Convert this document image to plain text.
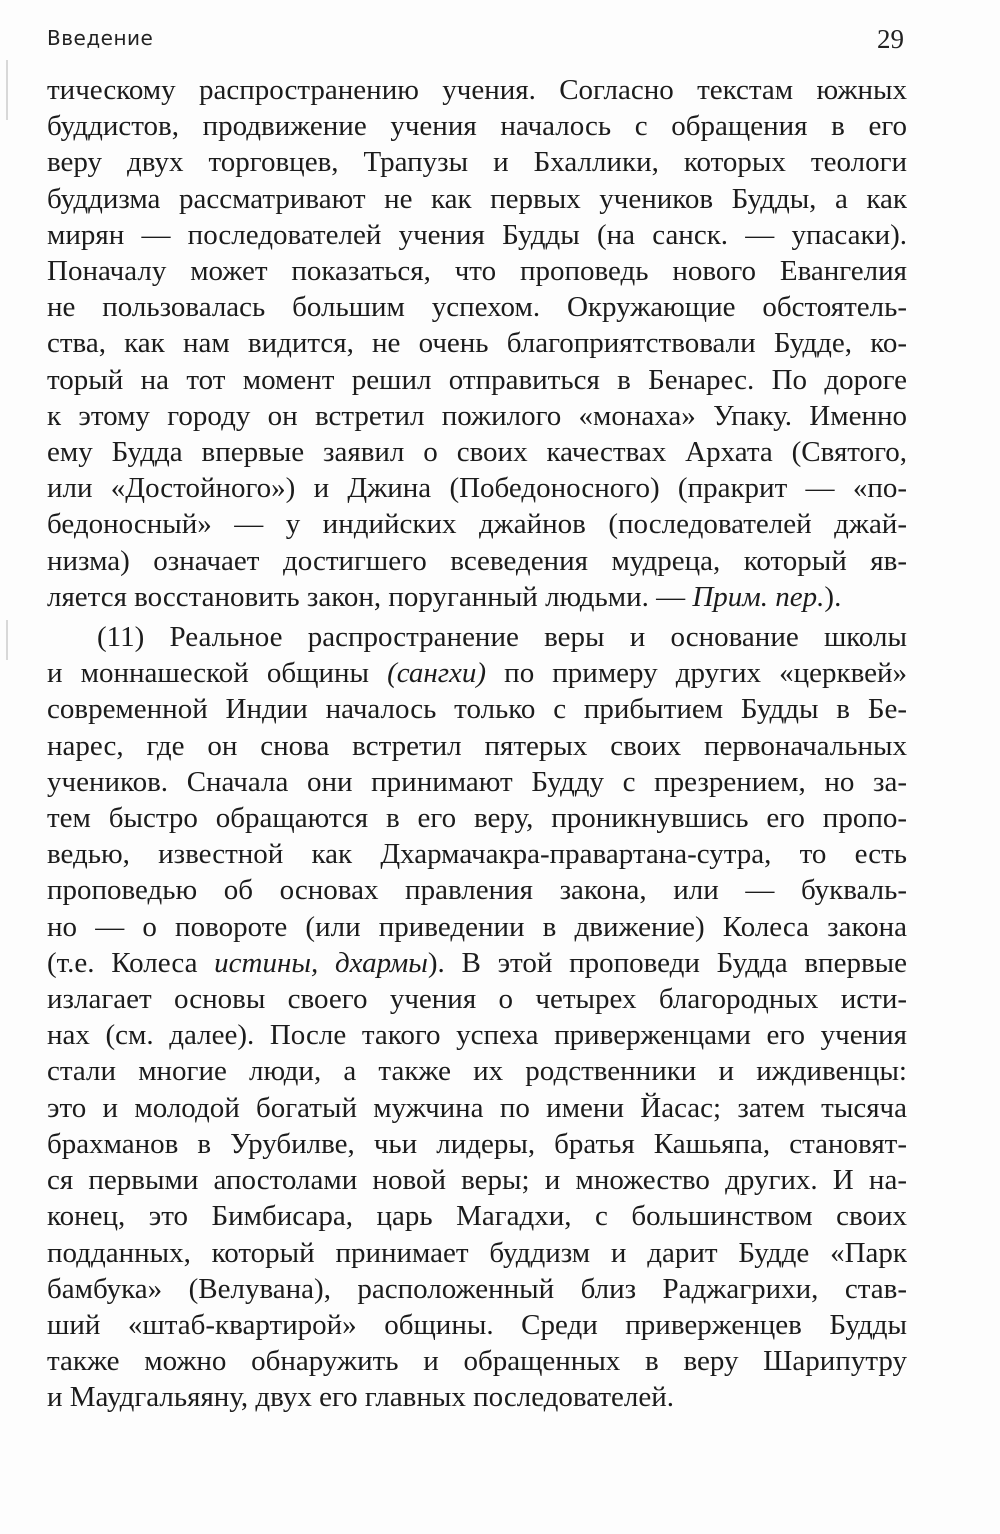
Введение	29
тическому распространению учения. Согласно текстам южных
буддистов, продвижение учения началось с обращения в его
веру двух торговцев, Трапузы и Бхаллики, которых теологи
буддизма рассматривают не как первых учеников Будды, а как
мирян — последователей учения Будды (на санск. — упасаки).
Поначалу может показаться, что проповедь нового Евангелия
не пользовалась большим успехом. Окружающие обстоятель-
ства, как нам видится, не очень благоприятствовали Будде, ко-
торый на тот момент решил отправиться в Бенарес. По дороге
к этому городу он встретил пожилого «монаха» Упаку. Именно
ему Будда впервые заявил о своих качествах Архата (Святого,
или «Достойного») и Джина (Победоносного) (пракрит — «по-
бедоносный» — у индийских джайнов (последователей джай-
низма) означает достигшего всеведения мудреца, который яв-
ляется восстановить закон, поруганный людьми. — Прим. пер.).
(11) Реальное распространение веры и основание школы
и моннашеской общины (сангхи) по примеру других «церквей»
современной Индии началось только с прибытием Будды в Бе-
нарес, где он снова встретил пятерых своих первоначальных
учеников. Сначала они принимают Будду с презрением, но за-
тем быстро обращаются в его веру, проникнувшись его пропо-
ведью, известной как Дхармачакра-правартана-сутра, то есть
проповедью об основах правления закона, или — букваль-
но — о повороте (или приведении в движение) Колеса закона
(т.е. Колеса истины, дхармы). В этой проповеди Будда впервые
излагает основы своего учения о четырех благородных исти-
нах (см. далее). После такого успеха приверженцами его учения
стали многие люди, а также их родственники и иждивенцы:
это и молодой богатый мужчина по имени Йасас; затем тысяча
брахманов в Урубилве, чьи лидеры, братья Кашьяпа, становят-
ся первыми апостолами новой веры; и множество других. И на-
конец, это Бимбисара, царь Магадхи, с большинством своих
подданных, который принимает буддизм и дарит Будде «Парк
бамбука» (Велувана), расположенный близ Раджагрихи, став-
ший «штаб-квартирой» общины. Среди приверженцев Будды
также можно обнаружить и обращенных в веру Шарипутру
и Маудгальяяну, двух его главных последователей.
